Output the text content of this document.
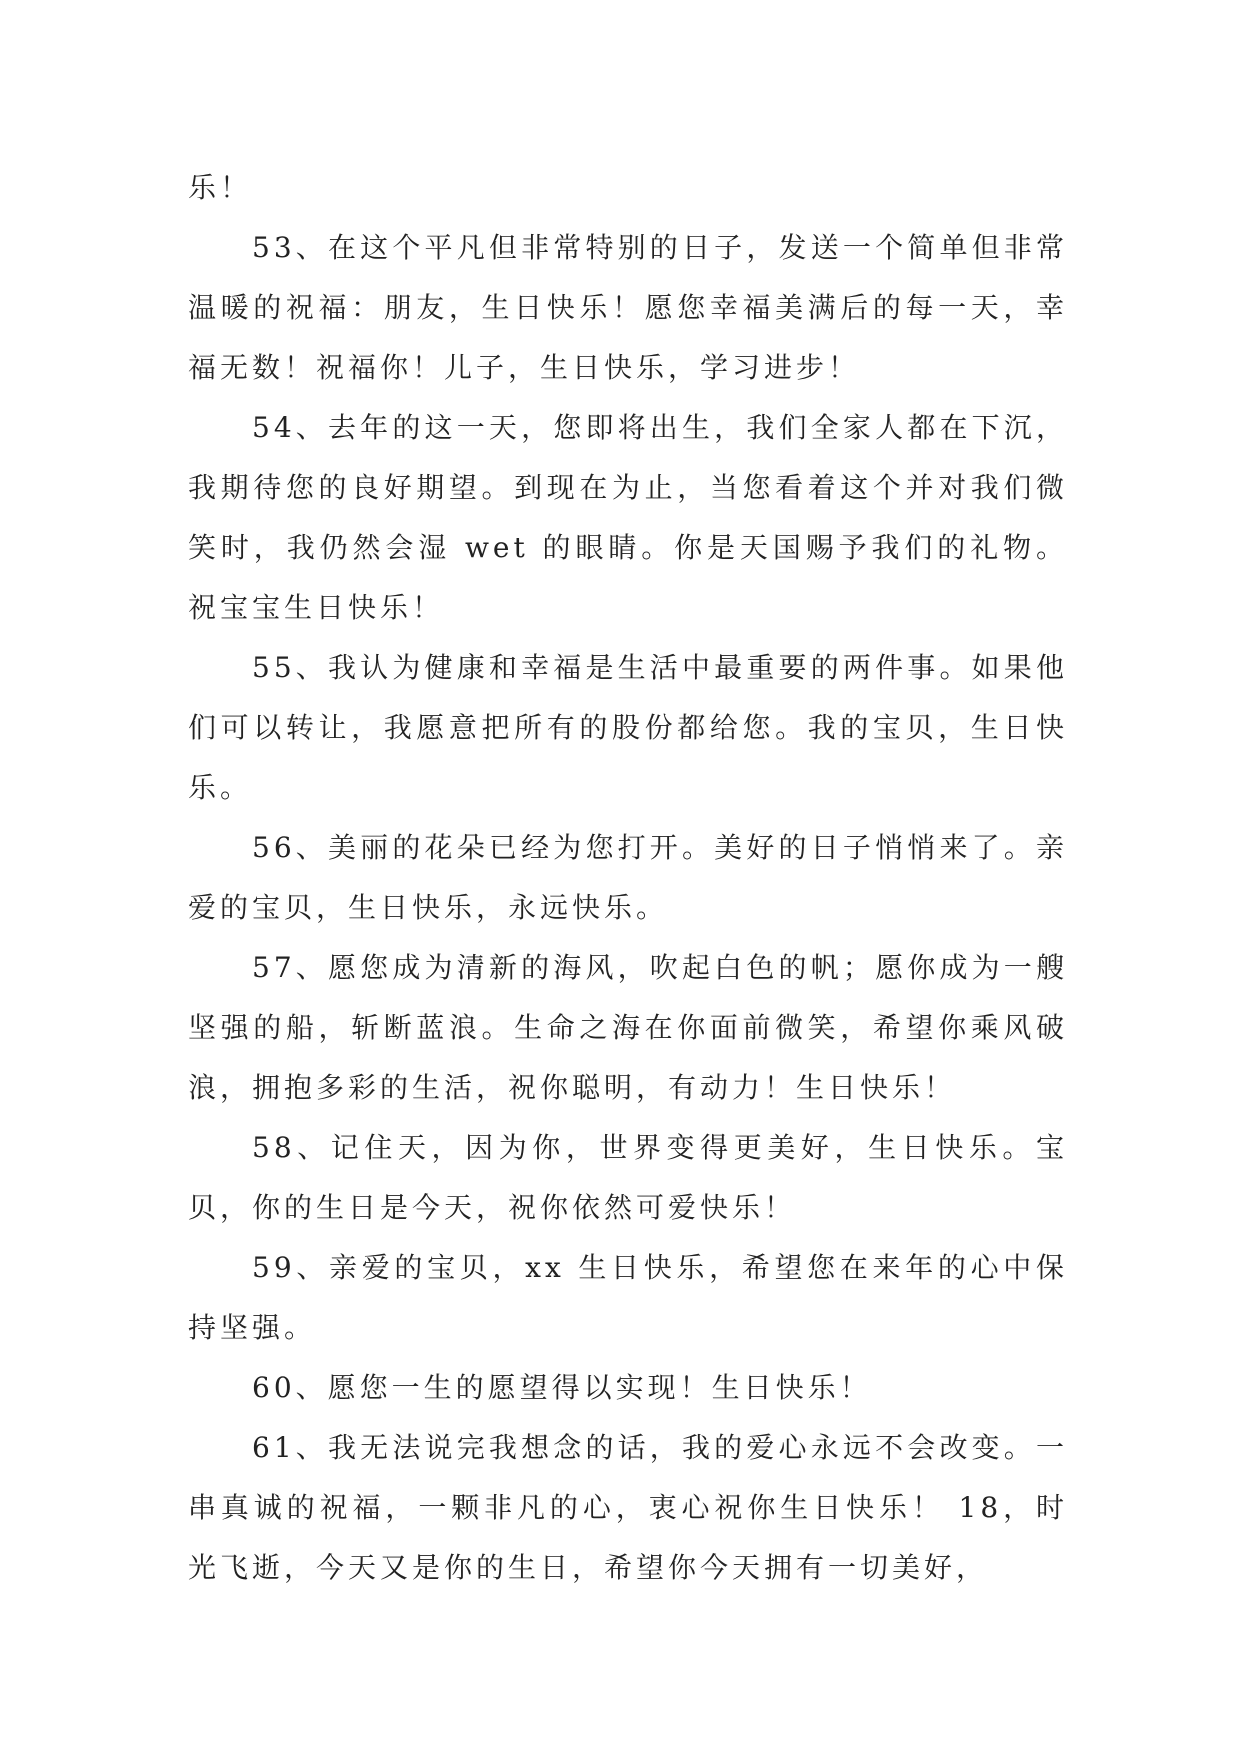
乐！

53、在这个平凡但非常特别的日子，发送一个简单但非常温暖的祝福：朋友，生日快乐！愿您幸福美满后的每一天，幸福无数！祝福你！儿子，生日快乐，学习进步！

54、去年的这一天，您即将出生，我们全家人都在下沉，我期待您的良好期望。到现在为止，当您看着这个并对我们微笑时，我仍然会湿 wet 的眼睛。你是天国赐予我们的礼物。祝宝宝生日快乐！

55、我认为健康和幸福是生活中最重要的两件事。如果他们可以转让，我愿意把所有的股份都给您。我的宝贝，生日快乐。

56、美丽的花朵已经为您打开。美好的日子悄悄来了。亲爱的宝贝，生日快乐，永远快乐。

57、愿您成为清新的海风，吹起白色的帆；愿你成为一艘坚强的船，斩断蓝浪。生命之海在你面前微笑，希望你乘风破浪，拥抱多彩的生活，祝你聪明，有动力！生日快乐！

58、记住天，因为你，世界变得更美好，生日快乐。宝贝，你的生日是今天，祝你依然可爱快乐！

59、亲爱的宝贝，xx 生日快乐，希望您在来年的心中保持坚强。

60、愿您一生的愿望得以实现！生日快乐！

61、我无法说完我想念的话，我的爱心永远不会改变。一串真诚的祝福，一颗非凡的心，衷心祝你生日快乐！ 18，时光飞逝，今天又是你的生日，希望你今天拥有一切美好，
